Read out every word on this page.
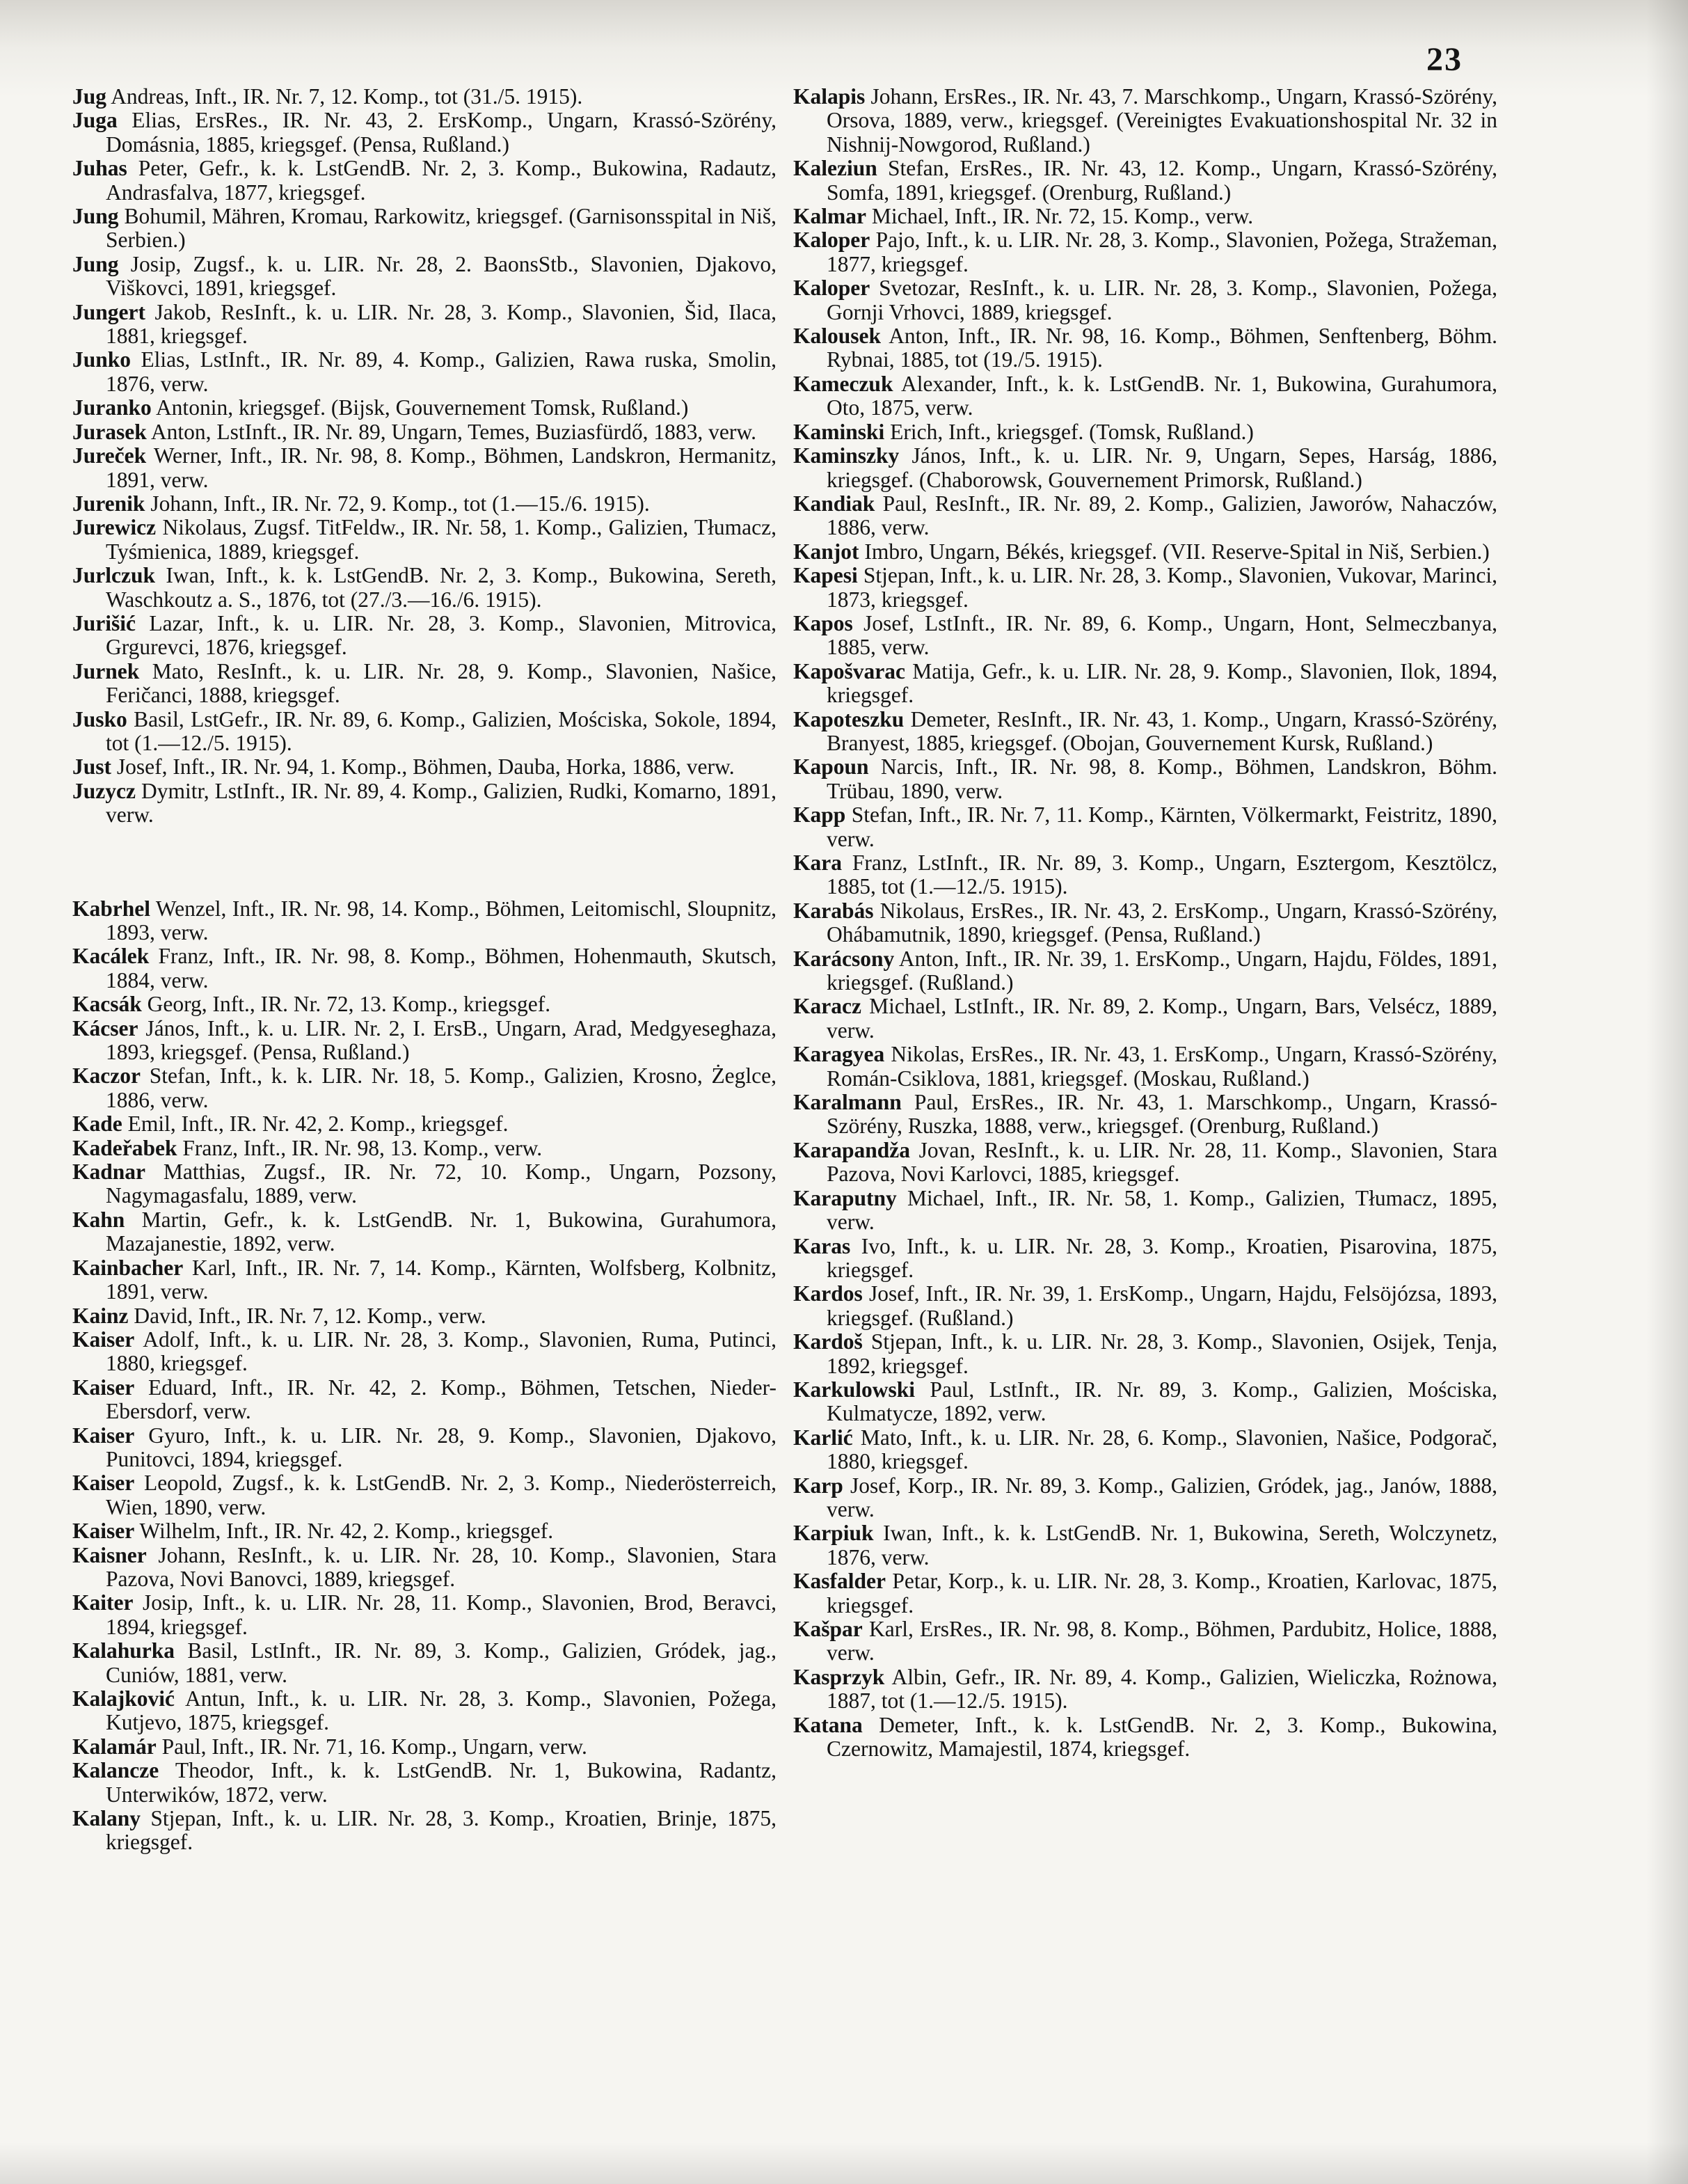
23

Jug Andreas, Inft., IR. Nr. 7, 12. Komp., tot (31./5. 1915).

Juga Elias, ErsRes., IR. Nr. 43, 2. ErsKomp., Ungarn, Krassó-Szörény, Domásnia, 1885, kriegsgef. (Pensa, Rußland.)

Juhas Peter, Gefr., k. k. LstGendB. Nr. 2, 3. Komp., Bukowina, Radautz, Andrasfalva, 1877, kriegsgef.

Jung Bohumil, Mähren, Kromau, Rarkowitz, kriegsgef. (Garnisonsspital in Niš, Serbien.)

Jung Josip, Zugsf., k. u. LIR. Nr. 28, 2. BaonsStb., Slavonien, Djakovo, Viškovci, 1891, kriegsgef.

Jungert Jakob, ResInft., k. u. LIR. Nr. 28, 3. Komp., Slavonien, Šid, Ilaca, 1881, kriegsgef.

Junko Elias, LstInft., IR. Nr. 89, 4. Komp., Galizien, Rawa ruska, Smolin, 1876, verw.

Juranko Antonin, kriegsgef. (Bijsk, Gouvernement Tomsk, Rußland.)

Jurasek Anton, LstInft., IR. Nr. 89, Ungarn, Temes, Buziasfürdő, 1883, verw.

Jureček Werner, Inft., IR. Nr. 98, 8. Komp., Böhmen, Landskron, Hermanitz, 1891, verw.

Jurenik Johann, Inft., IR. Nr. 72, 9. Komp., tot (1.—15./6. 1915).

Jurewicz Nikolaus, Zugsf. TitFeldw., IR. Nr. 58, 1. Komp., Galizien, Tłumacz, Tyśmienica, 1889, kriegsgef.

Jurlczuk Iwan, Inft., k. k. LstGendB. Nr. 2, 3. Komp., Bukowina, Sereth, Waschkoutz a. S., 1876, tot (27./3.—16./6. 1915).

Jurišić Lazar, Inft., k. u. LIR. Nr. 28, 3. Komp., Slavonien, Mitrovica, Grgurevci, 1876, kriegsgef.

Jurnek Mato, ResInft., k. u. LIR. Nr. 28, 9. Komp., Slavonien, Našice, Feričanci, 1888, kriegsgef.

Jusko Basil, LstGefr., IR. Nr. 89, 6. Komp., Galizien, Mościska, Sokole, 1894, tot (1.—12./5. 1915).

Just Josef, Inft., IR. Nr. 94, 1. Komp., Böhmen, Dauba, Horka, 1886, verw.

Juzycz Dymitr, LstInft., IR. Nr. 89, 4. Komp., Galizien, Rudki, Komarno, 1891, verw.

Kabrhel Wenzel, Inft., IR. Nr. 98, 14. Komp., Böhmen, Leitomischl, Sloupnitz, 1893, verw.

Kacálek Franz, Inft., IR. Nr. 98, 8. Komp., Böhmen, Hohenmauth, Skutsch, 1884, verw.

Kacsák Georg, Inft., IR. Nr. 72, 13. Komp., kriegsgef.

Kácser János, Inft., k. u. LIR. Nr. 2, I. ErsB., Ungarn, Arad, Medgyeseghаza, 1893, kriegsgef. (Pensa, Rußland.)

Kaczor Stefan, Inft., k. k. LIR. Nr. 18, 5. Komp., Galizien, Krosno, Żeglce, 1886, verw.

Kade Emil, Inft., IR. Nr. 42, 2. Komp., kriegsgef.

Kadeřabek Franz, Inft., IR. Nr. 98, 13. Komp., verw.

Kadnar Matthias, Zugsf., IR. Nr. 72, 10. Komp., Ungarn, Pozsony, Nagymagasfalu, 1889, verw.

Kahn Martin, Gefr., k. k. LstGendB. Nr. 1, Bukowina, Gurahumora, Mazajanestie, 1892, verw.

Kainbacher Karl, Inft., IR. Nr. 7, 14. Komp., Kärnten, Wolfsberg, Kolbnitz, 1891, verw.

Kainz David, Inft., IR. Nr. 7, 12. Komp., verw.

Kaiser Adolf, Inft., k. u. LIR. Nr. 28, 3. Komp., Slavonien, Ruma, Putinci, 1880, kriegsgef.

Kaiser Eduard, Inft., IR. Nr. 42, 2. Komp., Böhmen, Tetschen, Nieder-Ebersdorf, verw.

Kaiser Gyuro, Inft., k. u. LIR. Nr. 28, 9. Komp., Slavonien, Djakovo, Punitovci, 1894, kriegsgef.

Kaiser Leopold, Zugsf., k. k. LstGendB. Nr. 2, 3. Komp., Niederösterreich, Wien, 1890, verw.

Kaiser Wilhelm, Inft., IR. Nr. 42, 2. Komp., kriegsgef.

Kaisner Johann, ResInft., k. u. LIR. Nr. 28, 10. Komp., Slavonien, Stara Pazova, Novi Banovci, 1889, kriegsgef.

Kaiter Josip, Inft., k. u. LIR. Nr. 28, 11. Komp., Slavonien, Brod, Beravci, 1894, kriegsgef.

Kalahurka Basil, LstInft., IR. Nr. 89, 3. Komp., Galizien, Gródek, jag., Cuniów, 1881, verw.

Kalajković Antun, Inft., k. u. LIR. Nr. 28, 3. Komp., Slavonien, Požega, Kutjevo, 1875, kriegsgef.

Kalamár Paul, Inft., IR. Nr. 71, 16. Komp., Ungarn, verw.

Kalancze Theodor, Inft., k. k. LstGendB. Nr. 1, Bukowina, Radantz, Unterwików, 1872, verw.

Kalany Stjepan, Inft., k. u. LIR. Nr. 28, 3. Komp., Kroatien, Brinje, 1875, kriegsgef.

Kalapis Johann, ErsRes., IR. Nr. 43, 7. Marschkomp., Ungarn, Krassó-Szörény, Orsova, 1889, verw., kriegsgef. (Vereinigtes Evakuationshospital Nr. 32 in Nishnij-Nowgorod, Rußland.)

Kaleziun Stefan, ErsRes., IR. Nr. 43, 12. Komp., Ungarn, Krassó-Szörény, Somfa, 1891, kriegsgef. (Orenburg, Rußland.)

Kalmar Michael, Inft., IR. Nr. 72, 15. Komp., verw.

Kaloper Pajo, Inft., k. u. LIR. Nr. 28, 3. Komp., Slavonien, Požega, Stražeman, 1877, kriegsgef.

Kaloper Svetozar, ResInft., k. u. LIR. Nr. 28, 3. Komp., Slavonien, Požega, Gornji Vrhovci, 1889, kriegsgef.

Kalousek Anton, Inft., IR. Nr. 98, 16. Komp., Böhmen, Senftenberg, Böhm. Rybnai, 1885, tot (19./5. 1915).

Kameczuk Alexander, Inft., k. k. LstGendB. Nr. 1, Bukowina, Gurahumora, Oto, 1875, verw.

Kaminski Erich, Inft., kriegsgef. (Tomsk, Rußland.)

Kaminszky János, Inft., k. u. LIR. Nr. 9, Ungarn, Sepes, Harság, 1886, kriegsgef. (Chaborowsk, Gouvernement Primorsk, Rußland.)

Kandiak Paul, ResInft., IR. Nr. 89, 2. Komp., Galizien, Jaworów, Nahaczów, 1886, verw.

Kanjot Imbro, Ungarn, Békés, kriegsgef. (VII. Reserve-Spital in Niš, Serbien.)

Kapesi Stjepan, Inft., k. u. LIR. Nr. 28, 3. Komp., Slavonien, Vukovar, Marinci, 1873, kriegsgef.

Kapos Josef, LstInft., IR. Nr. 89, 6. Komp., Ungarn, Hont, Selmeczbanya, 1885, verw.

Kapošvarac Matija, Gefr., k. u. LIR. Nr. 28, 9. Komp., Slavonien, Ilok, 1894, kriegsgef.

Kapoteszku Demeter, ResInft., IR. Nr. 43, 1. Komp., Ungarn, Krassó-Szörény, Branyest, 1885, kriegsgef. (Obojan, Gouvernement Kursk, Rußland.)

Kapoun Narcis, Inft., IR. Nr. 98, 8. Komp., Böhmen, Landskron, Böhm. Trübau, 1890, verw.

Kapp Stefan, Inft., IR. Nr. 7, 11. Komp., Kärnten, Völkermarkt, Feistritz, 1890, verw.

Kara Franz, LstInft., IR. Nr. 89, 3. Komp., Ungarn, Esztergom, Kesztölcz, 1885, tot (1.—12./5. 1915).

Karabás Nikolaus, ErsRes., IR. Nr. 43, 2. ErsKomp., Ungarn, Krassó-Szörény, Ohábamutnik, 1890, kriegsgef. (Pensa, Rußland.)

Karácsony Anton, Inft., IR. Nr. 39, 1. ErsKomp., Ungarn, Hajdu, Földes, 1891, kriegsgef. (Rußland.)

Karacz Michael, LstInft., IR. Nr. 89, 2. Komp., Ungarn, Bars, Velsécz, 1889, verw.

Karagyea Nikolas, ErsRes., IR. Nr. 43, 1. ErsKomp., Ungarn, Krassó-Szörény, Román-Csiklova, 1881, kriegsgef. (Moskau, Rußland.)

Karalmann Paul, ErsRes., IR. Nr. 43, 1. Marschkomp., Ungarn, Krassó-Szörény, Ruszka, 1888, verw., kriegsgef. (Orenburg, Rußland.)

Karapandža Jovan, ResInft., k. u. LIR. Nr. 28, 11. Komp., Slavonien, Stara Pazova, Novi Karlovci, 1885, kriegsgef.

Karaputny Michael, Inft., IR. Nr. 58, 1. Komp., Galizien, Tłumacz, 1895, verw.

Karas Ivo, Inft., k. u. LIR. Nr. 28, 3. Komp., Kroatien, Pisarovina, 1875, kriegsgef.

Kardos Josef, Inft., IR. Nr. 39, 1. ErsKomp., Ungarn, Hajdu, Felsöjózsa, 1893, kriegsgef. (Rußland.)

Kardoš Stjepan, Inft., k. u. LIR. Nr. 28, 3. Komp., Slavonien, Osijek, Tenja, 1892, kriegsgef.

Karkulowski Paul, LstInft., IR. Nr. 89, 3. Komp., Galizien, Mościska, Kulmatycze, 1892, verw.

Karlić Mato, Inft., k. u. LIR. Nr. 28, 6. Komp., Slavonien, Našice, Podgorač, 1880, kriegsgef.

Karp Josef, Korp., IR. Nr. 89, 3. Komp., Galizien, Gródek, jag., Janów, 1888, verw.

Karpiuk Iwan, Inft., k. k. LstGendB. Nr. 1, Bukowina, Sereth, Wolczynetz, 1876, verw.

Kasfalder Petar, Korp., k. u. LIR. Nr. 28, 3. Komp., Kroatien, Karlovac, 1875, kriegsgef.

Kašpar Karl, ErsRes., IR. Nr. 98, 8. Komp., Böhmen, Pardubitz, Holice, 1888, verw.

Kasprzyk Albin, Gefr., IR. Nr. 89, 4. Komp., Galizien, Wieliczka, Rożnowa, 1887, tot (1.—12./5. 1915).

Katana Demeter, Inft., k. k. LstGendB. Nr. 2, 3. Komp., Bukowina, Czernowitz, Mamajestil, 1874, kriegsgef.
